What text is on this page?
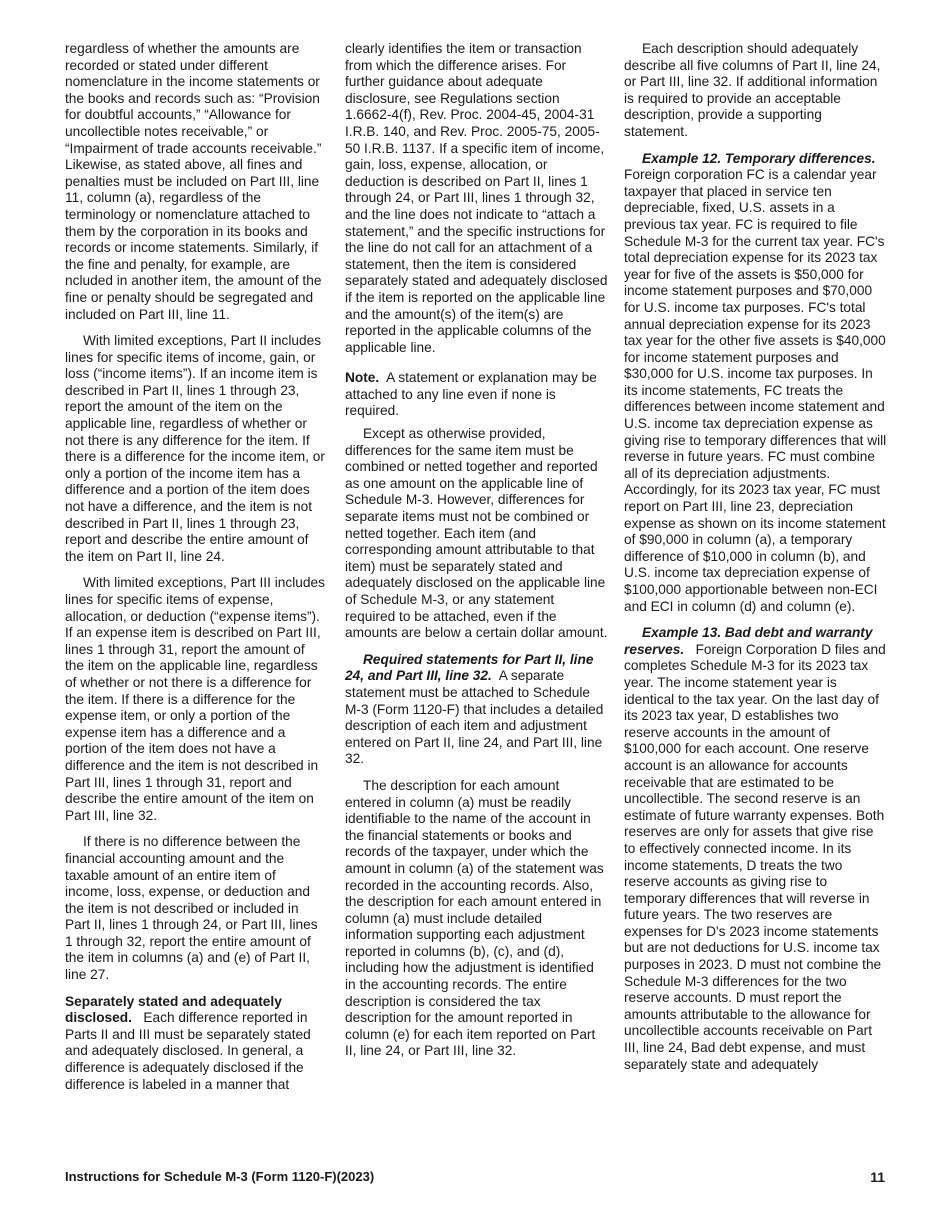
regardless of whether the amounts are recorded or stated under different nomenclature in the income statements or the books and records such as: “Provision for doubtful accounts,” “Allowance for uncollectible notes receivable,” or “Impairment of trade accounts receivable.” Likewise, as stated above, all fines and penalties must be included on Part III, line 11, column (a), regardless of the terminology or nomenclature attached to them by the corporation in its books and records or income statements. Similarly, if the fine and penalty, for example, are ncluded in another item, the amount of the fine or penalty should be segregated and included on Part III, line 11.

With limited exceptions, Part II includes lines for specific items of income, gain, or loss (“income items”). If an income item is described in Part II, lines 1 through 23, report the amount of the item on the applicable line, regardless of whether or not there is any difference for the item. If there is a difference for the income item, or only a portion of the income item has a difference and a portion of the item does not have a difference, and the item is not described in Part II, lines 1 through 23, report and describe the entire amount of the item on Part II, line 24.

With limited exceptions, Part III includes lines for specific items of expense, allocation, or deduction (“expense items”). If an expense item is described on Part III, lines 1 through 31, report the amount of the item on the applicable line, regardless of whether or not there is a difference for the item. If there is a difference for the expense item, or only a portion of the expense item has a difference and a portion of the item does not have a difference and the item is not described in Part III, lines 1 through 31, report and describe the entire amount of the item on Part III, line 32.

If there is no difference between the financial accounting amount and the taxable amount of an entire item of income, loss, expense, or deduction and the item is not described or included in Part II, lines 1 through 24, or Part III, lines 1 through 32, report the entire amount of the item in columns (a) and (e) of Part II, line 27.

Separately stated and adequately disclosed. Each difference reported in Parts II and III must be separately stated and adequately disclosed. In general, a difference is adequately disclosed if the difference is labeled in a manner that

clearly identifies the item or transaction from which the difference arises. For further guidance about adequate disclosure, see Regulations section 1.6662-4(f), Rev. Proc. 2004-45, 2004-31 I.R.B. 140, and Rev. Proc. 2005-75, 2005-50 I.R.B. 1137. If a specific item of income, gain, loss, expense, allocation, or deduction is described on Part II, lines 1 through 24, or Part III, lines 1 through 32, and the line does not indicate to “attach a statement,” and the specific instructions for the line do not call for an attachment of a statement, then the item is considered separately stated and adequately disclosed if the item is reported on the applicable line and the amount(s) of the item(s) are reported in the applicable columns of the applicable line.

Note. A statement or explanation may be attached to any line even if none is required.

Except as otherwise provided, differences for the same item must be combined or netted together and reported as one amount on the applicable line of Schedule M-3. However, differences for separate items must not be combined or netted together. Each item (and corresponding amount attributable to that item) must be separately stated and adequately disclosed on the applicable line of Schedule M-3, or any statement required to be attached, even if the amounts are below a certain dollar amount.

Required statements for Part II, line 24, and Part III, line 32. A separate statement must be attached to Schedule M-3 (Form 1120-F) that includes a detailed description of each item and adjustment entered on Part II, line 24, and Part III, line 32.

The description for each amount entered in column (a) must be readily identifiable to the name of the account in the financial statements or books and records of the taxpayer, under which the amount in column (a) of the statement was recorded in the accounting records. Also, the description for each amount entered in column (a) must include detailed information supporting each adjustment reported in columns (b), (c), and (d), including how the adjustment is identified in the accounting records. The entire description is considered the tax description for the amount reported in column (e) for each item reported on Part II, line 24, or Part III, line 32.

Each description should adequately describe all five columns of Part II, line 24, or Part III, line 32. If additional information is required to provide an acceptable description, provide a supporting statement.

Example 12. Temporary differences.   Foreign corporation FC is a calendar year taxpayer that placed in service ten depreciable, fixed, U.S. assets in a previous tax year. FC is required to file Schedule M-3 for the current tax year. FC's total depreciation expense for its 2023 tax year for five of the assets is $50,000 for income statement purposes and $70,000 for U.S. income tax purposes. FC's total annual depreciation expense for its 2023 tax year for the other five assets is $40,000 for income statement purposes and $30,000 for U.S. income tax purposes. In its income statements, FC treats the differences between income statement and U.S. income tax depreciation expense as giving rise to temporary differences that will reverse in future years. FC must combine all of its depreciation adjustments. Accordingly, for its 2023 tax year, FC must report on Part III, line 23, depreciation expense as shown on its income statement of $90,000 in column (a), a temporary difference of $10,000 in column (b), and U.S. income tax depreciation expense of $100,000 apportionable between non-ECI and ECI in column (d) and column (e).

Example 13. Bad debt and warranty reserves. Foreign Corporation D files and completes Schedule M-3 for its 2023 tax year. The income statement year is identical to the tax year. On the last day of its 2023 tax year, D establishes two reserve accounts in the amount of $100,000 for each account. One reserve account is an allowance for accounts receivable that are estimated to be uncollectible. The second reserve is an estimate of future warranty expenses. Both reserves are only for assets that give rise to effectively connected income. In its income statements, D treats the two reserve accounts as giving rise to temporary differences that will reverse in future years. The two reserves are expenses for D's 2023 income statements but are not deductions for U.S. income tax purposes in 2023. D must not combine the Schedule M-3 differences for the two reserve accounts. D must report the amounts attributable to the allowance for uncollectible accounts receivable on Part III, line 24, Bad debt expense, and must separately state and adequately

Instructions for Schedule M-3 (Form 1120-F)(2023)	11
